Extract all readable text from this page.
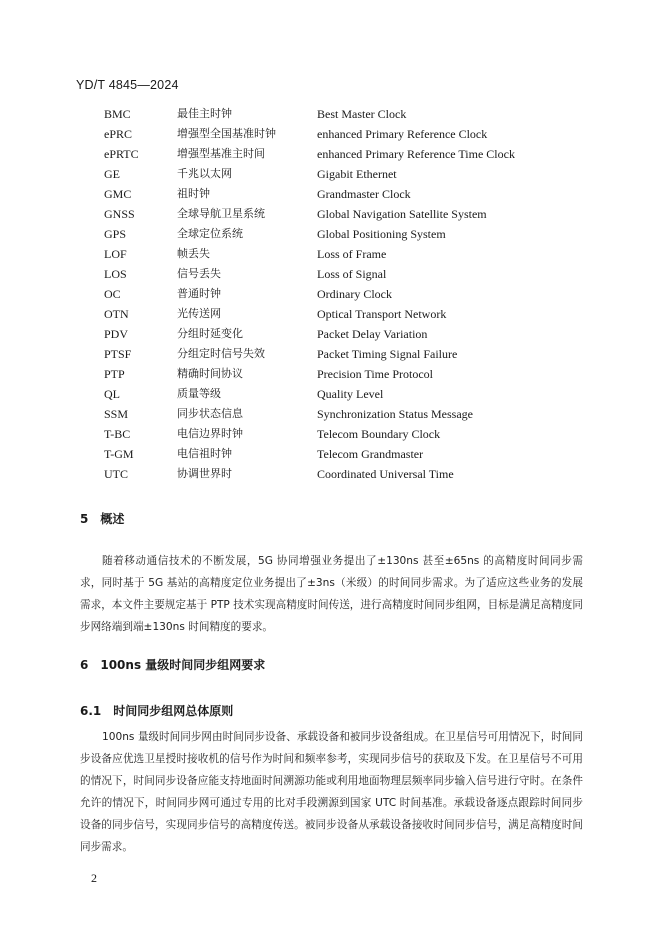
YD/T 4845—2024
BMC	最佳主时钟	Best Master Clock
ePRC	增强型全国基准时钟	enhanced Primary Reference Clock
ePRTC	增强型基准主时间	enhanced Primary Reference Time Clock
GE	千兆以太网	Gigabit Ethernet
GMC	祖时钟	Grandmaster Clock
GNSS	全球导航卫星系统	Global Navigation Satellite System
GPS	全球定位系统	Global Positioning System
LOF	帧丢失	Loss of Frame
LOS	信号丢失	Loss of Signal
OC	普通时钟	Ordinary Clock
OTN	光传送网	Optical Transport Network
PDV	分组时延变化	Packet Delay Variation
PTSF	分组定时信号失效	Packet Timing Signal Failure
PTP	精确时间协议	Precision Time Protocol
QL	质量等级	Quality Level
SSM	同步状态信息	Synchronization Status Message
T-BC	电信边界时钟	Telecom Boundary Clock
T-GM	电信祖时钟	Telecom Grandmaster
UTC	协调世界时	Coordinated Universal Time
5 概述
随着移动通信技术的不断发展，5G 协同增强业务提出了±130ns 甚至±65ns 的高精度时间同步需求，同时基于 5G 基站的高精度定位业务提出了±3ns（米级）的时间同步需求。为了适应这些业务的发展需求，本文件主要规定基于 PTP 技术实现高精度时间传送，进行高精度时间同步组网，目标是满足高精度同步网络端到端±130ns 时间精度的要求。
6 100ns 量级时间同步组网要求
6.1 时间同步组网总体原则
100ns 量级时间同步网由时间同步设备、承载设备和被同步设备组成。在卫星信号可用情况下，时间同步设备应优选卫星授时接收机的信号作为时间和频率参考，实现同步信号的获取及下发。在卫星信号不可用的情况下，时间同步设备应能支持地面时间溯源功能或利用地面物理层频率同步输入信号进行守时。在条件允许的情况下，时间同步网可通过专用的比对手段溯源到国家 UTC 时间基准。承载设备逐点跟踪时间同步设备的同步信号，实现同步信号的高精度传送。被同步设备从承载设备接收时间同步信号，满足高精度时间同步需求。
2
